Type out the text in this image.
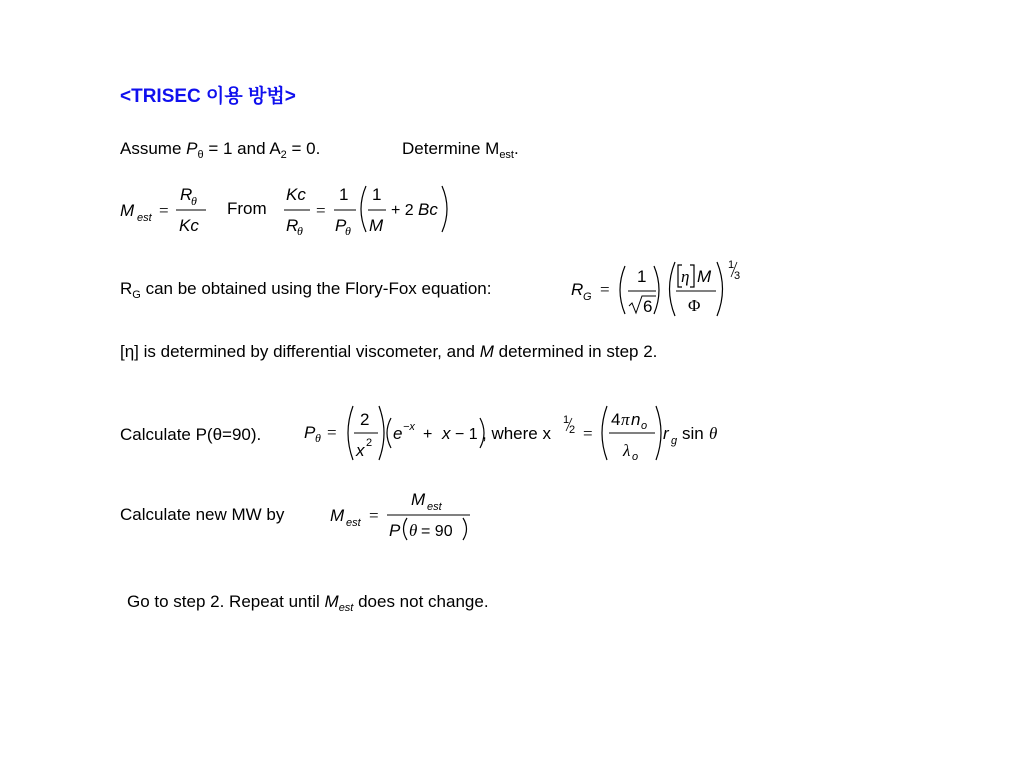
<TRISEC 이용 방법>
Assume $P_\theta = 1$ and $A_2 = 0$.	Determine $M_{est}$.
M est =
R
θ
Kc
From
Kc
R
θ
=
1
P
θ
1
M
+ 2 Bc
$R_G$ can be obtained using the Flory-Fox equation:	R G =
1
6
η M
Φ
1
3
[η] is determined by differential viscometer, and M determined in step 2.
Calculate P(θ=90).	P θ =
2
x 2 e −x + x − 1 , where x
1
2 =
4 π n o
λ o
r g sin θ
Calculate new MW by	M est =
M est
P θ = 90
Go to step 2. Repeat until $M_{est}$ does not change.
